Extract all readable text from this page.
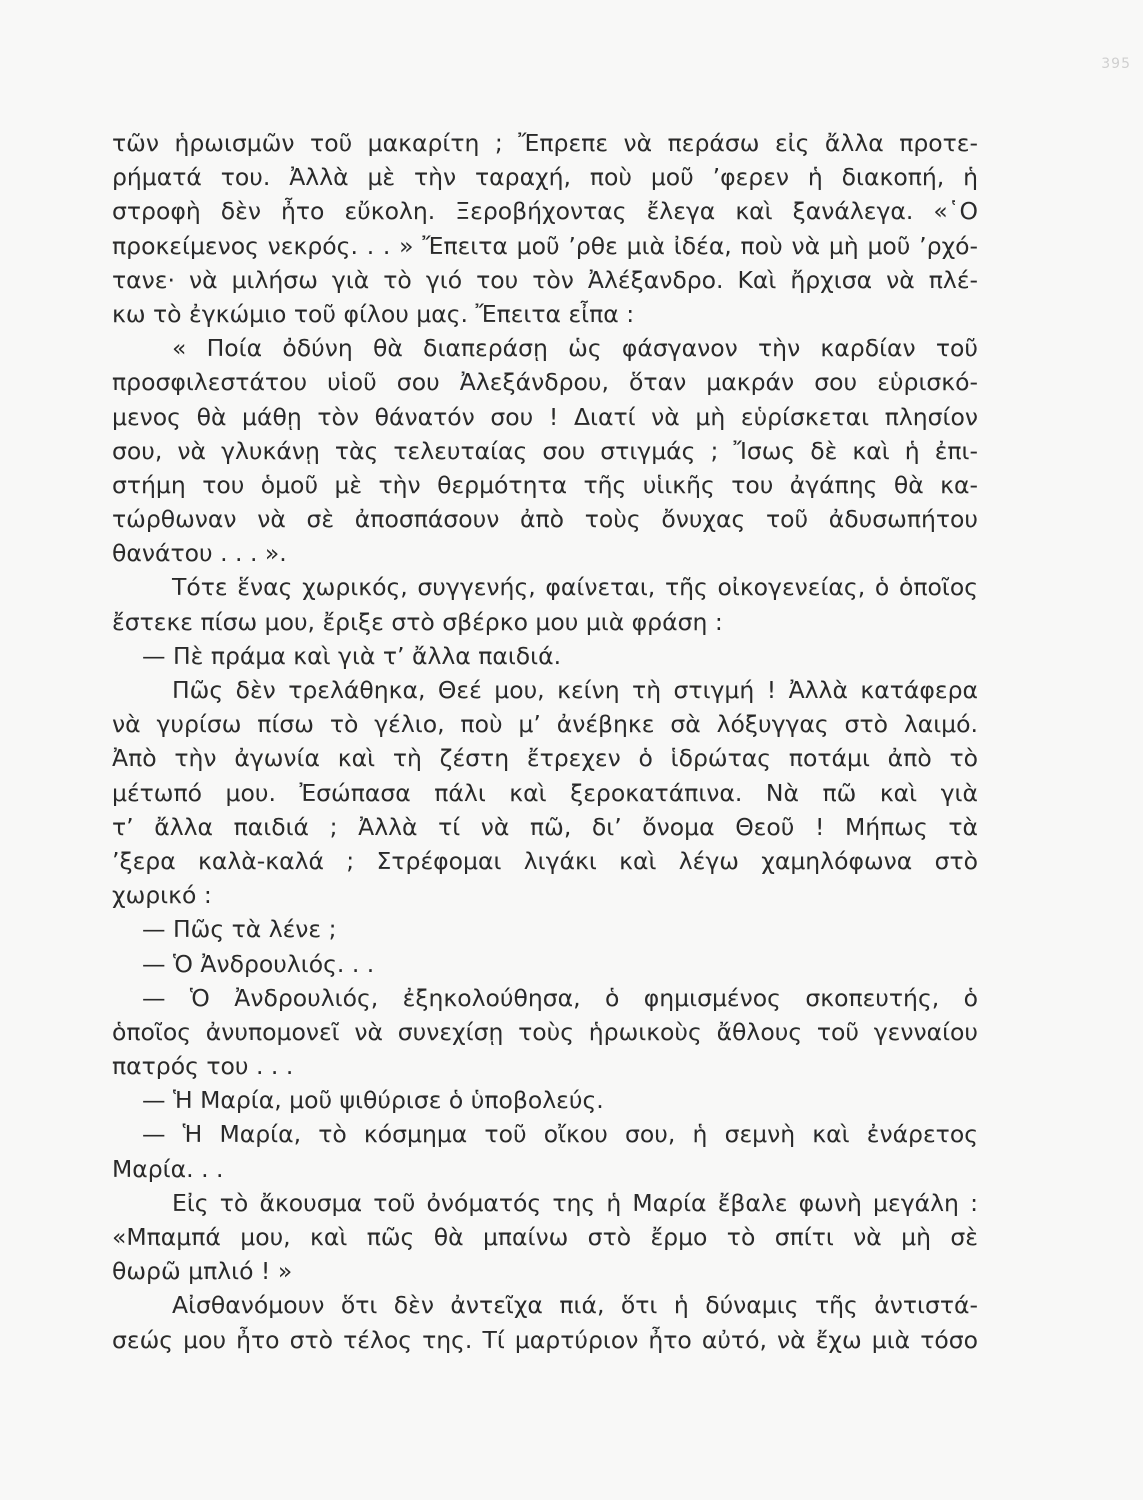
395
τῶν ἡρωισμῶν τοῦ μακαρίτη ; Ἔπρεπε νὰ περάσω εἰς ἄλλα προτε-
ρήματά του. Ἀλλὰ μὲ τὴν ταραχή, ποὺ μοῦ ’φερεν ἡ διακοπή, ἡ
στροφὴ δὲν ἦτο εὔκολη. Ξεροβήχοντας ἔλεγα καὶ ξανάλεγα. «῾Ο
προκείμενος νεκρός. . . » Ἔπειτα μοῦ ’ρθε μιὰ ἰδέα, ποὺ νὰ μὴ μοῦ ’ρχό-
τανε· νὰ μιλήσω γιὰ τὸ γιό του τὸν Ἀλέξανδρο. Καὶ ἤρχισα νὰ πλέ-
κω τὸ ἐγκώμιο τοῦ φίλου μας. Ἔπειτα εἶπα :
« Ποία ὀδύνη θὰ διαπεράσῃ ὡς φάσγανον τὴν καρδίαν τοῦ
προσφιλεστάτου υἱοῦ σου Ἀλεξάνδρου, ὅταν μακράν σου εὑρισκό-
μενος θὰ μάθῃ τὸν θάνατόν σου ! Διατί νὰ μὴ εὑρίσκεται πλησίον
σου, νὰ γλυκάνῃ τὰς τελευταίας σου στιγμάς ; Ἴσως δὲ καὶ ἡ ἐπι-
στήμη του ὁμοῦ μὲ τὴν θερμότητα τῆς υἱικῆς του ἀγάπης θὰ κα-
τώρθωναν νὰ σὲ ἀποσπάσουν ἀπὸ τοὺς ὄνυχας τοῦ ἀδυσωπήτου
θανάτου . . . ».
Τότε ἕνας χωρικός, συγγενής, φαίνεται, τῆς οἰκογενείας, ὁ ὁποῖος
ἔστεκε πίσω μου, ἔριξε στὸ σβέρκο μου μιὰ φράση :
— Πὲ πράμα καὶ γιὰ τ’ ἄλλα παιδιά.
Πῶς δὲν τρελάθηκα, Θεέ μου, κείνη τὴ στιγμή ! Ἀλλὰ κατάφερα
νὰ γυρίσω πίσω τὸ γέλιο, ποὺ μ’ ἀνέβηκε σὰ λόξυγγας στὸ λαιμό.
Ἀπὸ τὴν ἀγωνία καὶ τὴ ζέστη ἔτρεχεν ὁ ἱδρώτας ποτάμι ἀπὸ τὸ
μέτωπό μου. Ἐσώπασα πάλι καὶ ξεροκατάπινα. Νὰ πῶ καὶ γιὰ
τ’ ἄλλα παιδιά ; Ἀλλὰ τί νὰ πῶ, δι’ ὄνομα Θεοῦ ! Μήπως τὰ
’ξερα καλὰ-καλά ; Στρέφομαι λιγάκι καὶ λέγω χαμηλόφωνα στὸ
χωρικό :
— Πῶς τὰ λένε ;
— Ὁ Ἀνδρουλιός. . .
— Ὁ Ἀνδρουλιός, ἐξηκολούθησα, ὁ φημισμένος σκοπευτής, ὁ
ὁποῖος ἀνυπομονεῖ νὰ συνεχίσῃ τοὺς ἡρωικοὺς ἄθλους τοῦ γενναίου
πατρός του . . .
— Ἡ Μαρία, μοῦ ψιθύρισε ὁ ὑποβολεύς.
— Ἡ Μαρία, τὸ κόσμημα τοῦ οἴκου σου, ἡ σεμνὴ καὶ ἐνάρετος
Μαρία. . .
Εἰς τὸ ἄκουσμα τοῦ ὀνόματός της ἡ Μαρία ἔβαλε φωνὴ μεγάλη :
«Μπαμπά μου, καὶ πῶς θὰ μπαίνω στὸ ἔρμο τὸ σπίτι νὰ μὴ σὲ
θωρῶ μπλιό ! »
Αἰσθανόμουν ὅτι δὲν ἀντεῖχα πιά, ὅτι ἡ δύναμις τῆς ἀντιστά-
σεώς μου ἦτο στὸ τέλος της. Τί μαρτύριον ἦτο αὐτό, νὰ ἔχω μιὰ τόσο
